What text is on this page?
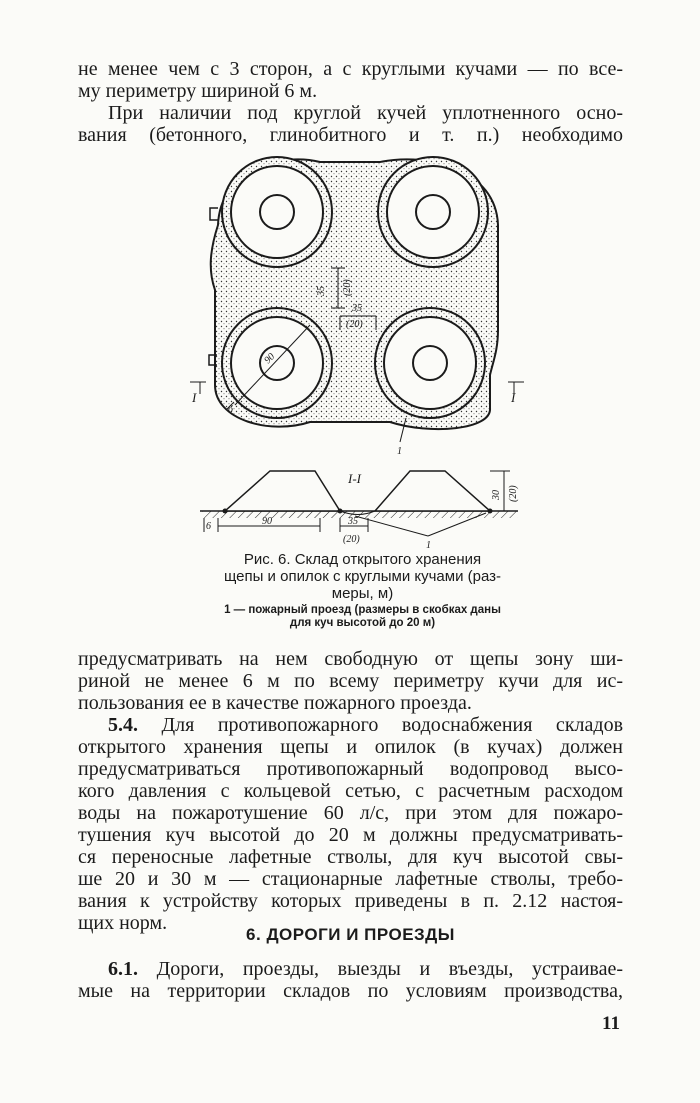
не менее чем с 3 сторон, а с круглыми кучами — по все-
му периметру шириной 6 м.
При наличии под круглой кучей уплотненного осно-
вания (бетонного, глинобитного и т. п.) необходимо
35 (20)
35
(20)
90
6
1
I	I
I-I
6	90	35
(20)
30 (20)
1
Рис. 6. Склад открытого хранения
щепы и опилок с круглыми кучами (раз-
меры, м)
1 — пожарный проезд (размеры в скобках даны
для куч высотой до 20 м)
предусматривать на нем свободную от щепы зону ши-
риной не менее 6 м по всему периметру кучи для ис-
пользования ее в качестве пожарного проезда.
5.4. Для противопожарного водоснабжения складов
открытого хранения щепы и опилок (в кучах) должен
предусматриваться противопожарный водопровод высо-
кого давления с кольцевой сетью, с расчетным расходом
воды на пожаротушение 60 л/с, при этом для пожаро-
тушения куч высотой до 20 м должны предусматривать-
ся переносные лафетные стволы, для куч высотой свы-
ше 20 и 30 м — стационарные лафетные стволы, требо-
вания к устройству которых приведены в п. 2.12 настоя-
щих норм.
6. ДОРОГИ И ПРОЕЗДЫ
6.1. Дороги, проезды, выезды и въезды, устраивае-
мые на территории складов по условиям производства,
11
